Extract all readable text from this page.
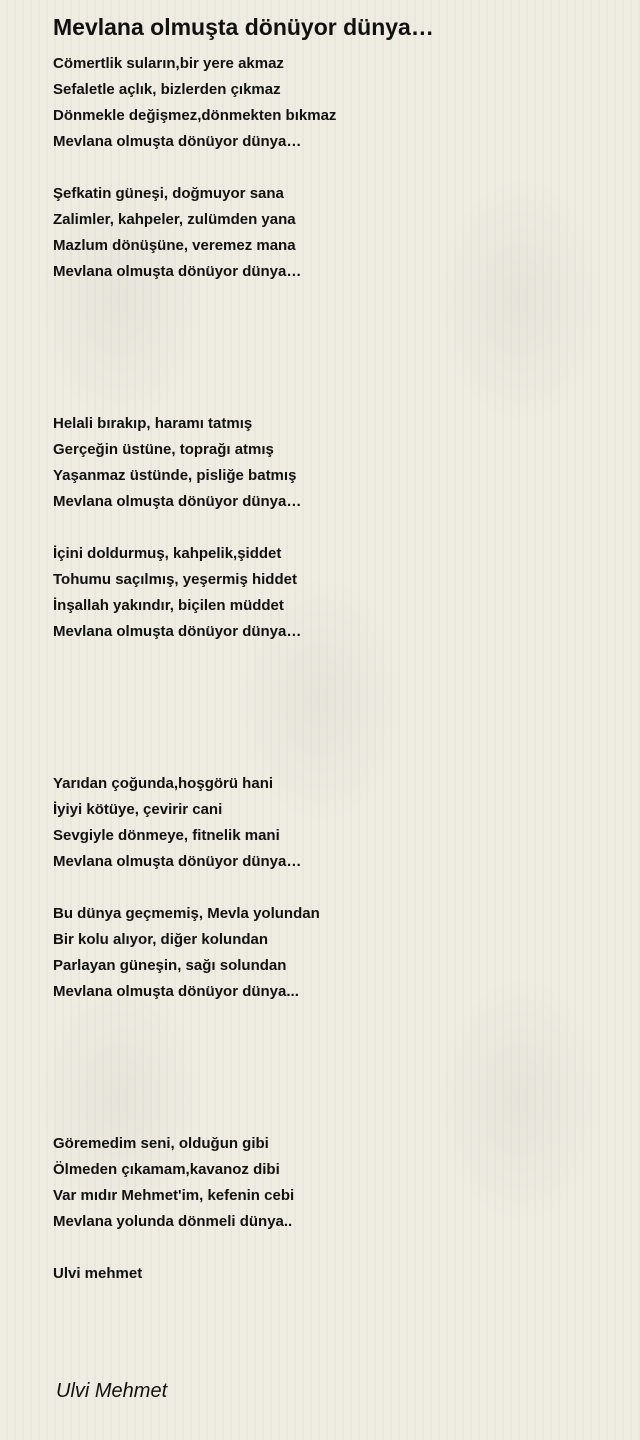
Mevlana olmuşta dönüyor dünya…
Cömertlik suların,bir yere akmaz
Sefaletle açlık, bizlerden çıkmaz
Dönmekle değişmez,dönmekten bıkmaz
Mevlana olmuşta dönüyor dünya…
Şefkatin güneşi, doğmuyor sana
Zalimler, kahpeler, zulümden yana
Mazlum dönüşüne, veremez mana
Mevlana olmuşta dönüyor dünya…
Helali bırakıp, haramı tatmış
Gerçeğin üstüne, toprağı atmış
Yaşanmaz üstünde, pisliğe batmış
Mevlana olmuşta dönüyor dünya…
İçini doldurmuş, kahpelik,şiddet
Tohumu saçılmış, yeşermiş hiddet
İnşallah yakındır, biçilen müddet
Mevlana olmuşta dönüyor dünya…
Yarıdan çoğunda,hoşgörü hani
İyiyi kötüye, çevirir cani
Sevgiyle dönmeye, fitnelik mani
Mevlana olmuşta dönüyor dünya…
Bu dünya geçmemiş, Mevla yolundan
Bir kolu alıyor, diğer kolundan
Parlayan güneşin, sağı solundan
Mevlana olmuşta dönüyor dünya...
Göremedim seni, olduğun gibi
Ölmeden çıkamam,kavanoz dibi
Var mıdır Mehmet'im, kefenin cebi
Mevlana yolunda dönmeli dünya..
Ulvi mehmet
Ulvi Mehmet
